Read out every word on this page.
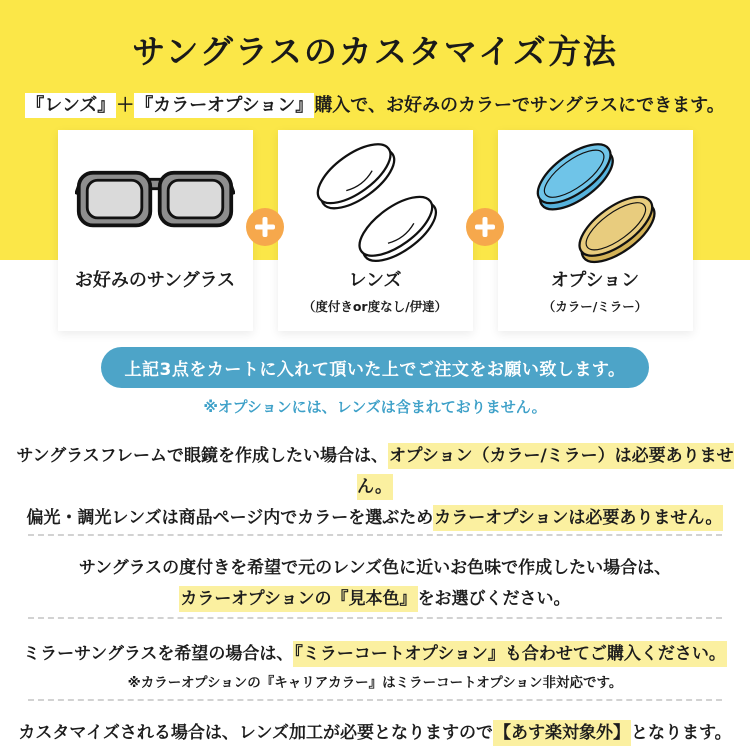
サングラスのカスタマイズ方法
『レンズ』＋『カラーオプション』購入で、お好みのカラーでサングラスにできます。
お好みのサングラス	レンズ
（度付きor度なし/伊達）
オプション
（カラー/ミラー）
上記3点をカートに入れて頂いた上でご注文をお願い致します。
※オプションには、レンズは含まれておりません。
サングラスフレームで眼鏡を作成したい場合は、オプション（カラー/ミラー）は必要ありません。
偏光・調光レンズは商品ページ内でカラーを選ぶためカラーオプションは必要ありません。
サングラスの度付きを希望で元のレンズ色に近いお色味で作成したい場合は、
カラーオプションの『見本色』をお選びください。
ミラーサングラスを希望の場合は、『ミラーコートオプション』も合わせてご購入ください。
※カラーオプションの『キャリアカラー』はミラーコートオプション非対応です。
カスタマイズされる場合は、レンズ加工が必要となりますので【あす楽対象外】となります。
